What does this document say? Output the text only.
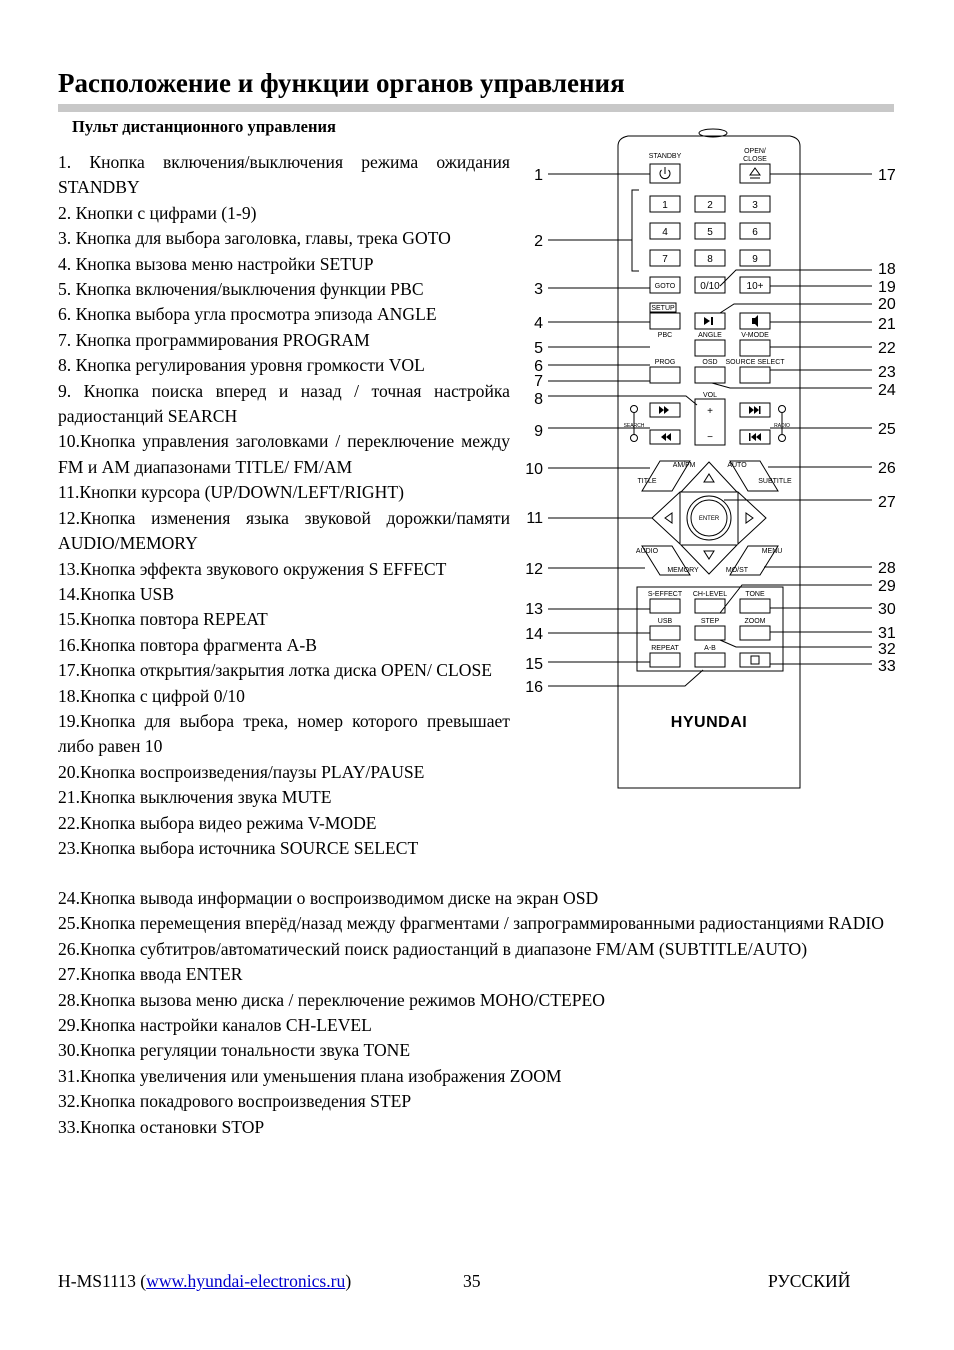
Расположение и функции органов управления
Пульт дистанционного управления
1. Кнопка включения/выключения режима ожидания STANDBY
2. Кнопки с цифрами (1-9)
3. Кнопка для выбора заголовка, главы, трека GOTO
4. Кнопка вызова меню настройки SETUP
5. Кнопка включения/выключения функции PBC
6. Кнопка выбора угла просмотра эпизода ANGLE
7. Кнопка программирования PROGRAM
8. Кнопка регулирования уровня громкости VOL
9. Кнопка поиска вперед и назад / точная настройка радиостанций SEARCH
10.Кнопка управления заголовками / переключение между FM и AM диапазонами TITLE/ FM/AM
11.Кнопки курсора (UP/DOWN/LEFT/RIGHT)
12.Кнопка изменения языка звуковой дорожки/памяти AUDIO/MEMORY
13.Кнопка эффекта звукового окружения S EFFECT
14.Кнопка USB
15.Кнопка повтора REPEAT
16.Кнопка повтора фрагмента A-B
17.Кнопка открытия/закрытия лотка диска OPEN/ CLOSE
18.Кнопка с цифрой 0/10
19.Кнопка для выбора трека, номер которого превышает либо равен 10
20.Кнопка воспроизведения/паузы PLAY/PAUSE
21.Кнопка выключения звука MUTE
22.Кнопка выбора видео режима V-MODE
23.Кнопка выбора источника SOURCE SELECT
24.Кнопка вывода информации о воспроизводимом диске на экран OSD
25.Кнопка перемещения вперёд/назад между фрагментами / запрограммированными радиостанциями RADIO
26.Кнопка субтитров/автоматический поиск радиостанций в диапазоне FM/AM (SUBTITLE/AUTO)
27.Кнопка ввода ENTER
28.Кнопка вызова меню диска / переключение режимов МОНО/СТЕРЕО
29.Кнопка настройки каналов CH-LEVEL
30.Кнопка регуляции тональности звука TONE
31.Кнопка увеличения или уменьшения плана изображения ZOOM
32.Кнопка покадрового воспроизведения STEP
33.Кнопка остановки STOP
STANDBY
OPEN/
CLOSE
GOTO
SETUP
PBC	ANGLE	V-MODE
PROG	OSD SOURCE SELECT
VOL
SEARCH	RADIO
AM/FM	AUTO
TITLE	SUBTITLE
ENTER
AUDIO	MENU
MEMORY	MO/ST
S-EFFECT CH-LEVEL	TONE
USB	STEP	ZOOM
REPEAT	A-B
1	2	3
4	5	6
7	8	9
0/10	10+
+
−
HYUNDAI
1
2
3
4
5
6
7
8
9
10
11
12
13
14
15
16
17
18
19
20
21
22
23
24
25
26
27
28
29
30
31
32
33
H-MS1113 (www.hyundai-electronics.ru)	35	РУССКИЙ
